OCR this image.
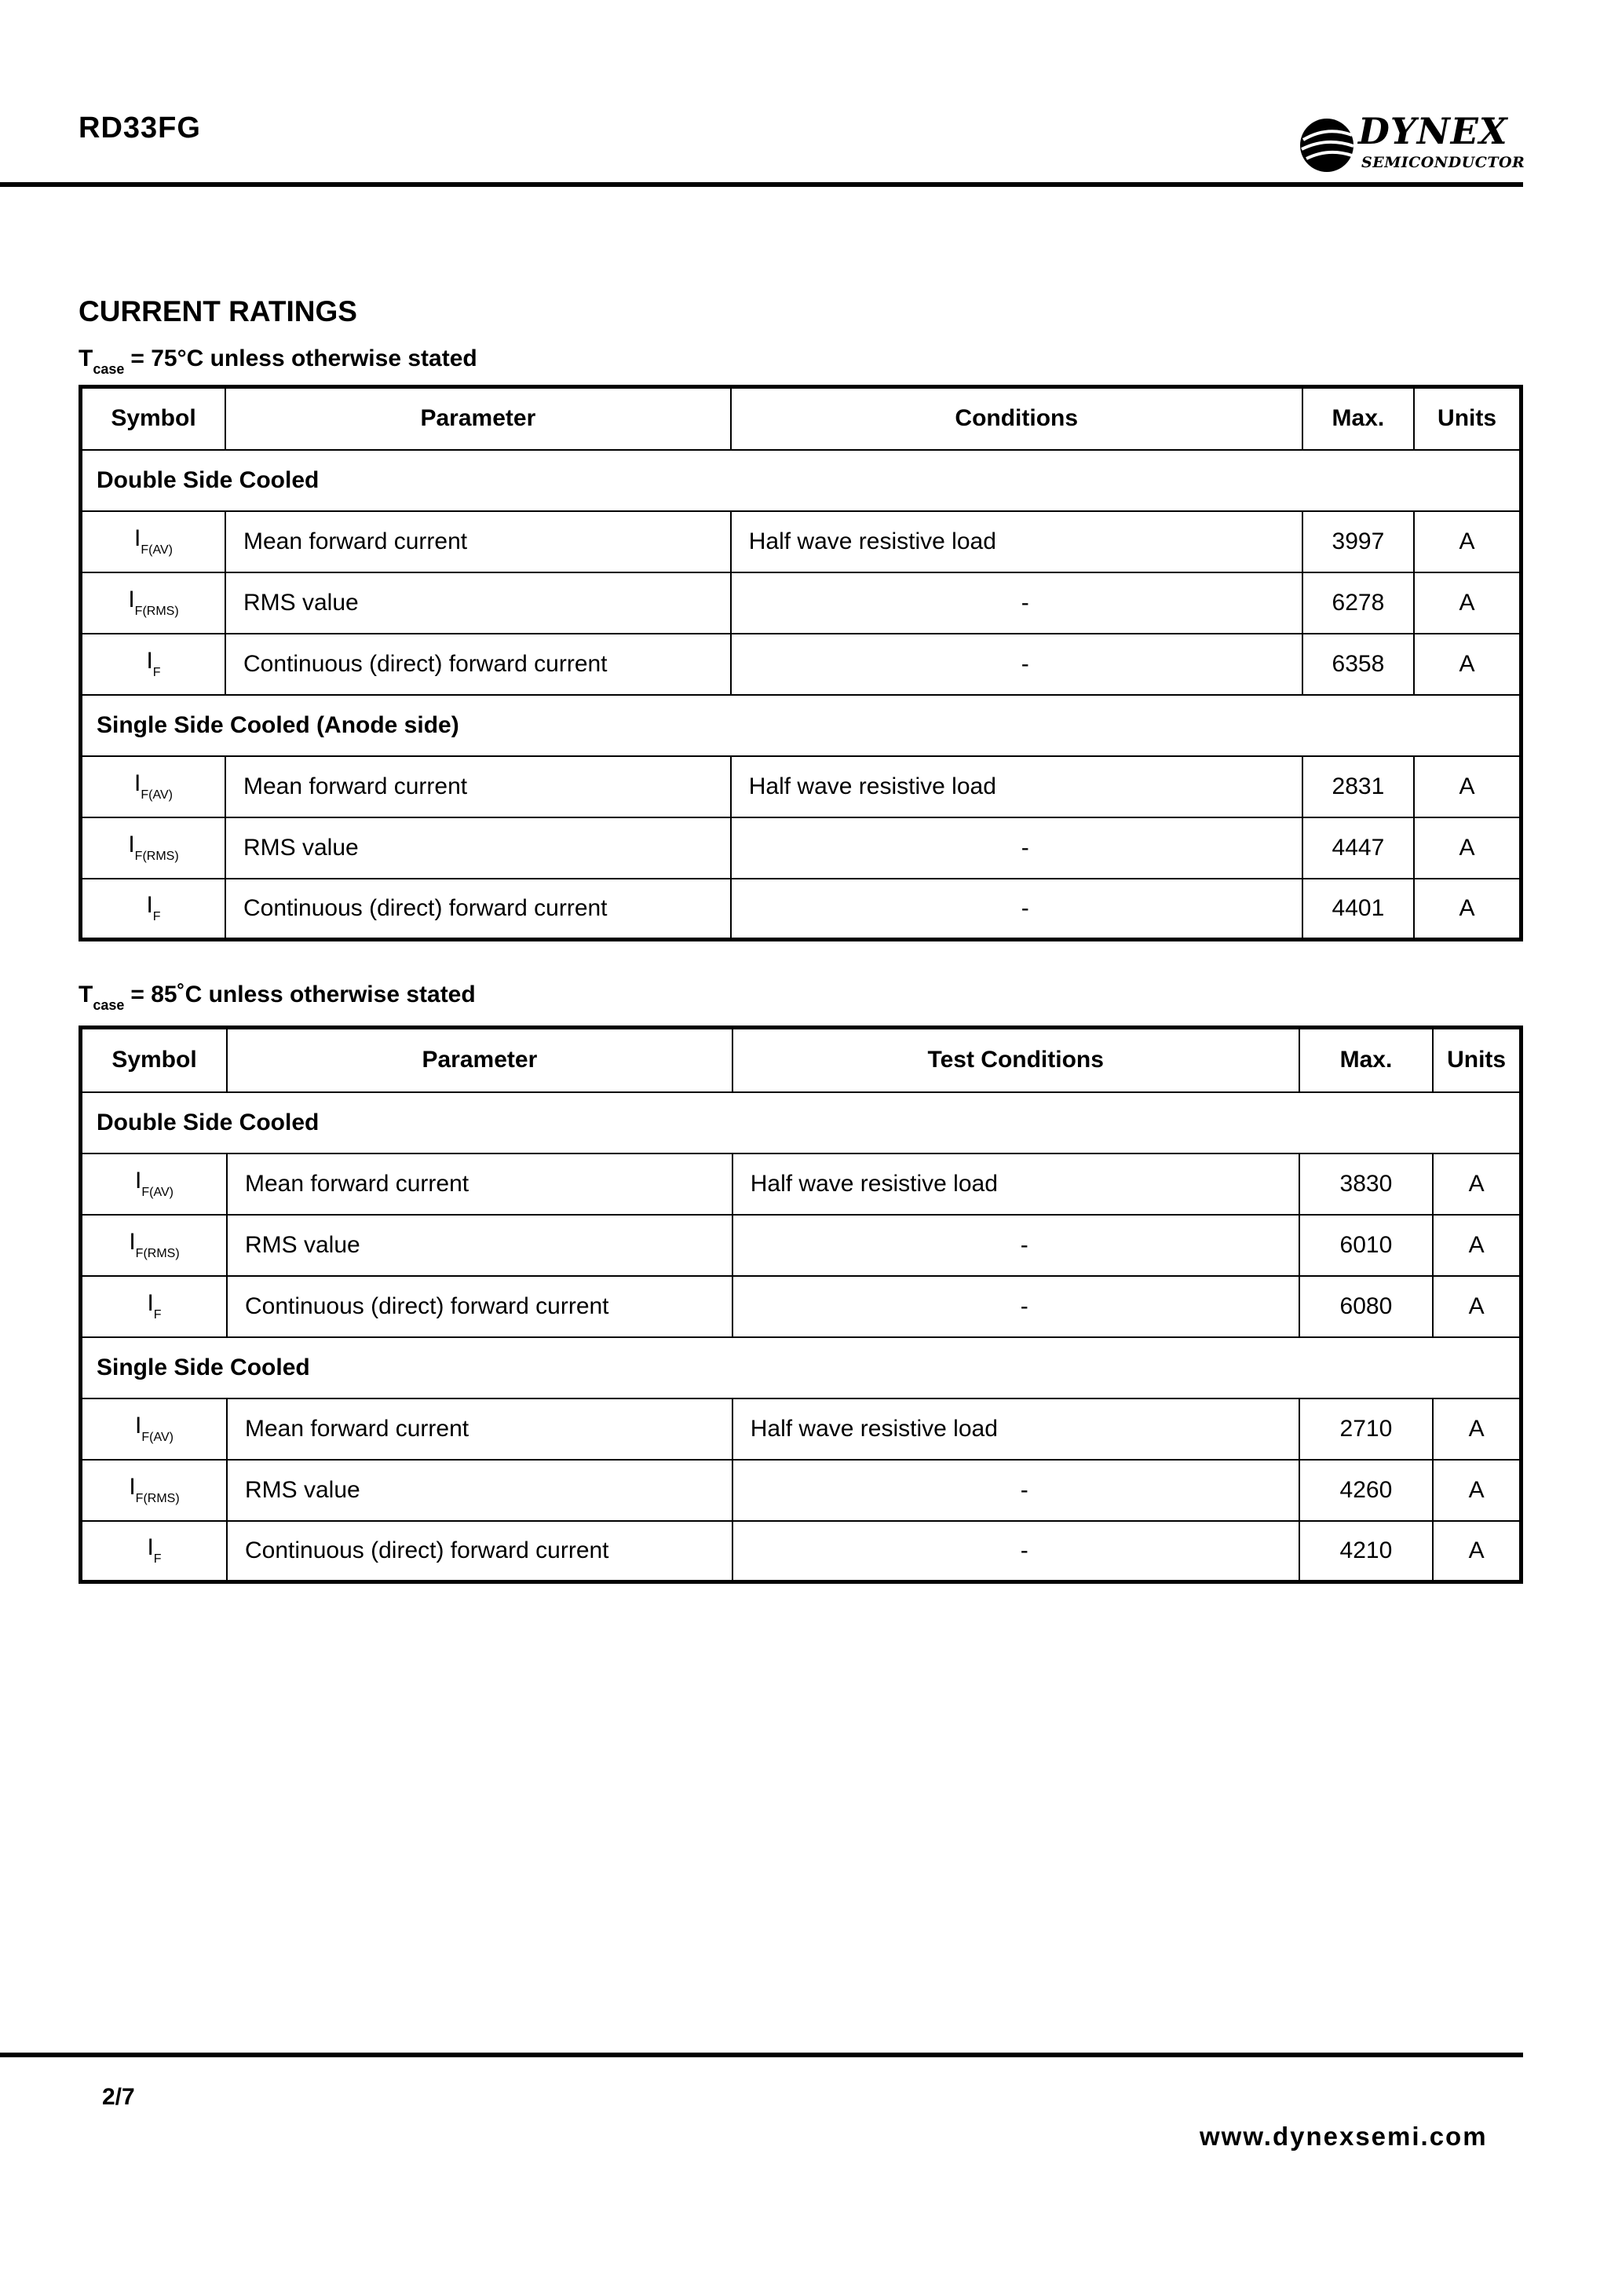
RD33FG	DYNEX
SEMICONDUCTOR
CURRENT RATINGS
$T_{case} = 75^\circ C$ unless otherwise stated
Symbol	Parameter	Conditions	Max.	Units
Double Side Cooled				
$I_{F(AV)}$	Mean forward current	Half wave resistive load	3997	A
$I_{F(RMS)}$	RMS value	-	6278	A
$I_F$	Continuous (direct) forward current	-	6358	A
Single Side Cooled (Anode side)				
$I_{F(AV)}$	Mean forward current	Half wave resistive load	2831	A
$I_{F(RMS)}$	RMS value	-	4447	A
$I_F$	Continuous (direct) forward current	-	4401	A
$T_{case}$ = 85˚C unless otherwise stated
Symbol	Parameter	Test Conditions	Max.	Units
Double Side Cooled				
$I_{F(AV)}$	Mean forward current	Half wave resistive load	3830	A
$I_{F(RMS)}$	RMS value	-	6010	A
$I_F$	Continuous (direct) forward current	-	6080	A
Single Side Cooled				
$I_{F(AV)}$	Mean forward current	Half wave resistive load	2710	A
$I_{F(RMS)}$	RMS value	-	4260	A
$I_F$	Continuous (direct) forward current	-	4210	A
2/7
www.dynexsemi.com
